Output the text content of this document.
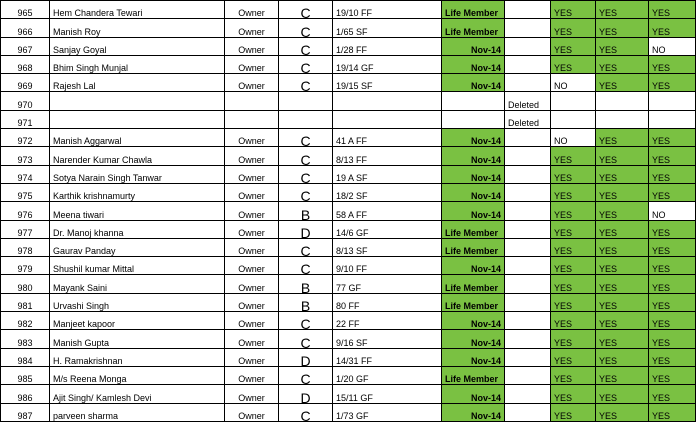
965	Hem Chandera Tewari	Owner	C	19/10 FF	Life Member		YES	YES	YES
966	Manish Roy	Owner	C	1/65 SF	Life Member		YES	YES	YES
967	Sanjay Goyal	Owner	C	1/28 FF	Nov-14		YES	YES	NO
968	Bhim Singh Munjal	Owner	C	19/14 GF	Nov-14		YES	YES	YES
969	Rajesh Lal	Owner	C	19/15 SF	Nov-14		NO	YES	YES
970						Deleted			
971						Deleted			
972	Manish Aggarwal	Owner	C	41 A FF	Nov-14		NO	YES	YES
973	Narender Kumar Chawla	Owner	C	8/13 FF	Nov-14		YES	YES	YES
974	Sotya Narain Singh Tanwar	Owner	C	19 A SF	Nov-14		YES	YES	YES
975	Karthik krishnamurty	Owner	C	18/2 SF	Nov-14		YES	YES	YES
976	Meena tiwari	Owner	B	58 A FF	Nov-14		YES	YES	NO
977	Dr. Manoj khanna	Owner	D	14/6 GF	Life Member		YES	YES	YES
978	Gaurav Panday	Owner	C	8/13 SF	Life Member		YES	YES	YES
979	Shushil kumar Mittal	Owner	C	9/10 FF	Nov-14		YES	YES	YES
980	Mayank Saini	Owner	B	77 GF	Life Member		YES	YES	YES
981	Urvashi Singh	Owner	B	80 FF	Life Member		YES	YES	YES
982	Manjeet kapoor	Owner	C	22 FF	Nov-14		YES	YES	YES
983	Manish Gupta	Owner	C	9/16 SF	Nov-14		YES	YES	YES
984	H. Ramakrishnan	Owner	D	14/31 FF	Nov-14		YES	YES	YES
985	M/s Reena Monga	Owner	C	1/20 GF	Life Member		YES	YES	YES
986	Ajit Singh/ Kamlesh Devi	Owner	D	15/11 GF	Nov-14		YES	YES	YES
987	parveen sharma	Owner	C	1/73 GF	Nov-14		YES	YES	YES
